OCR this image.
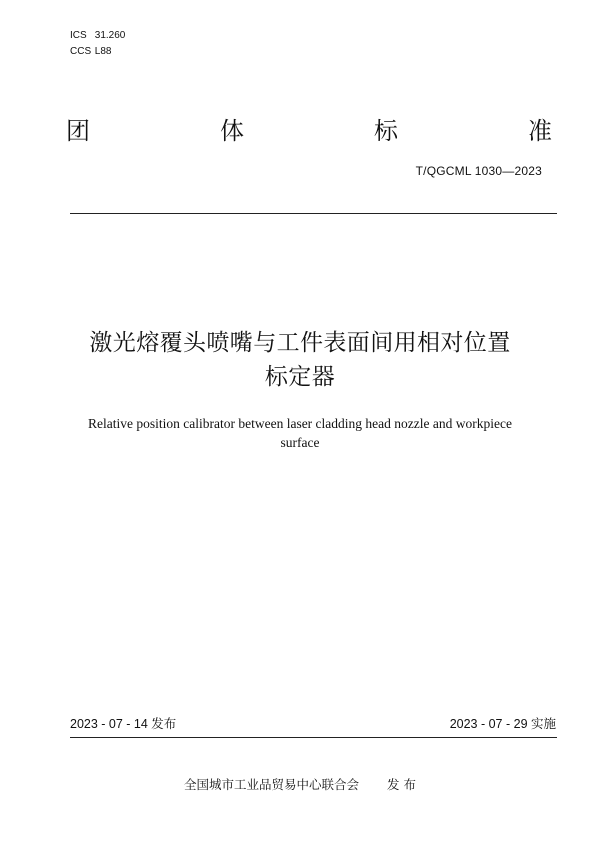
ICS 31.260
CCS L88
团	体	标	准
T/QGCML 1030—2023
激光熔覆头喷嘴与工件表面间用相对位置
标定器
Relative position calibrator between laser cladding head nozzle and workpiece
surface
2023 - 07 - 14 发布	2023 - 07 - 29 实施
全国城市工业品贸易中心联合会 发 布
